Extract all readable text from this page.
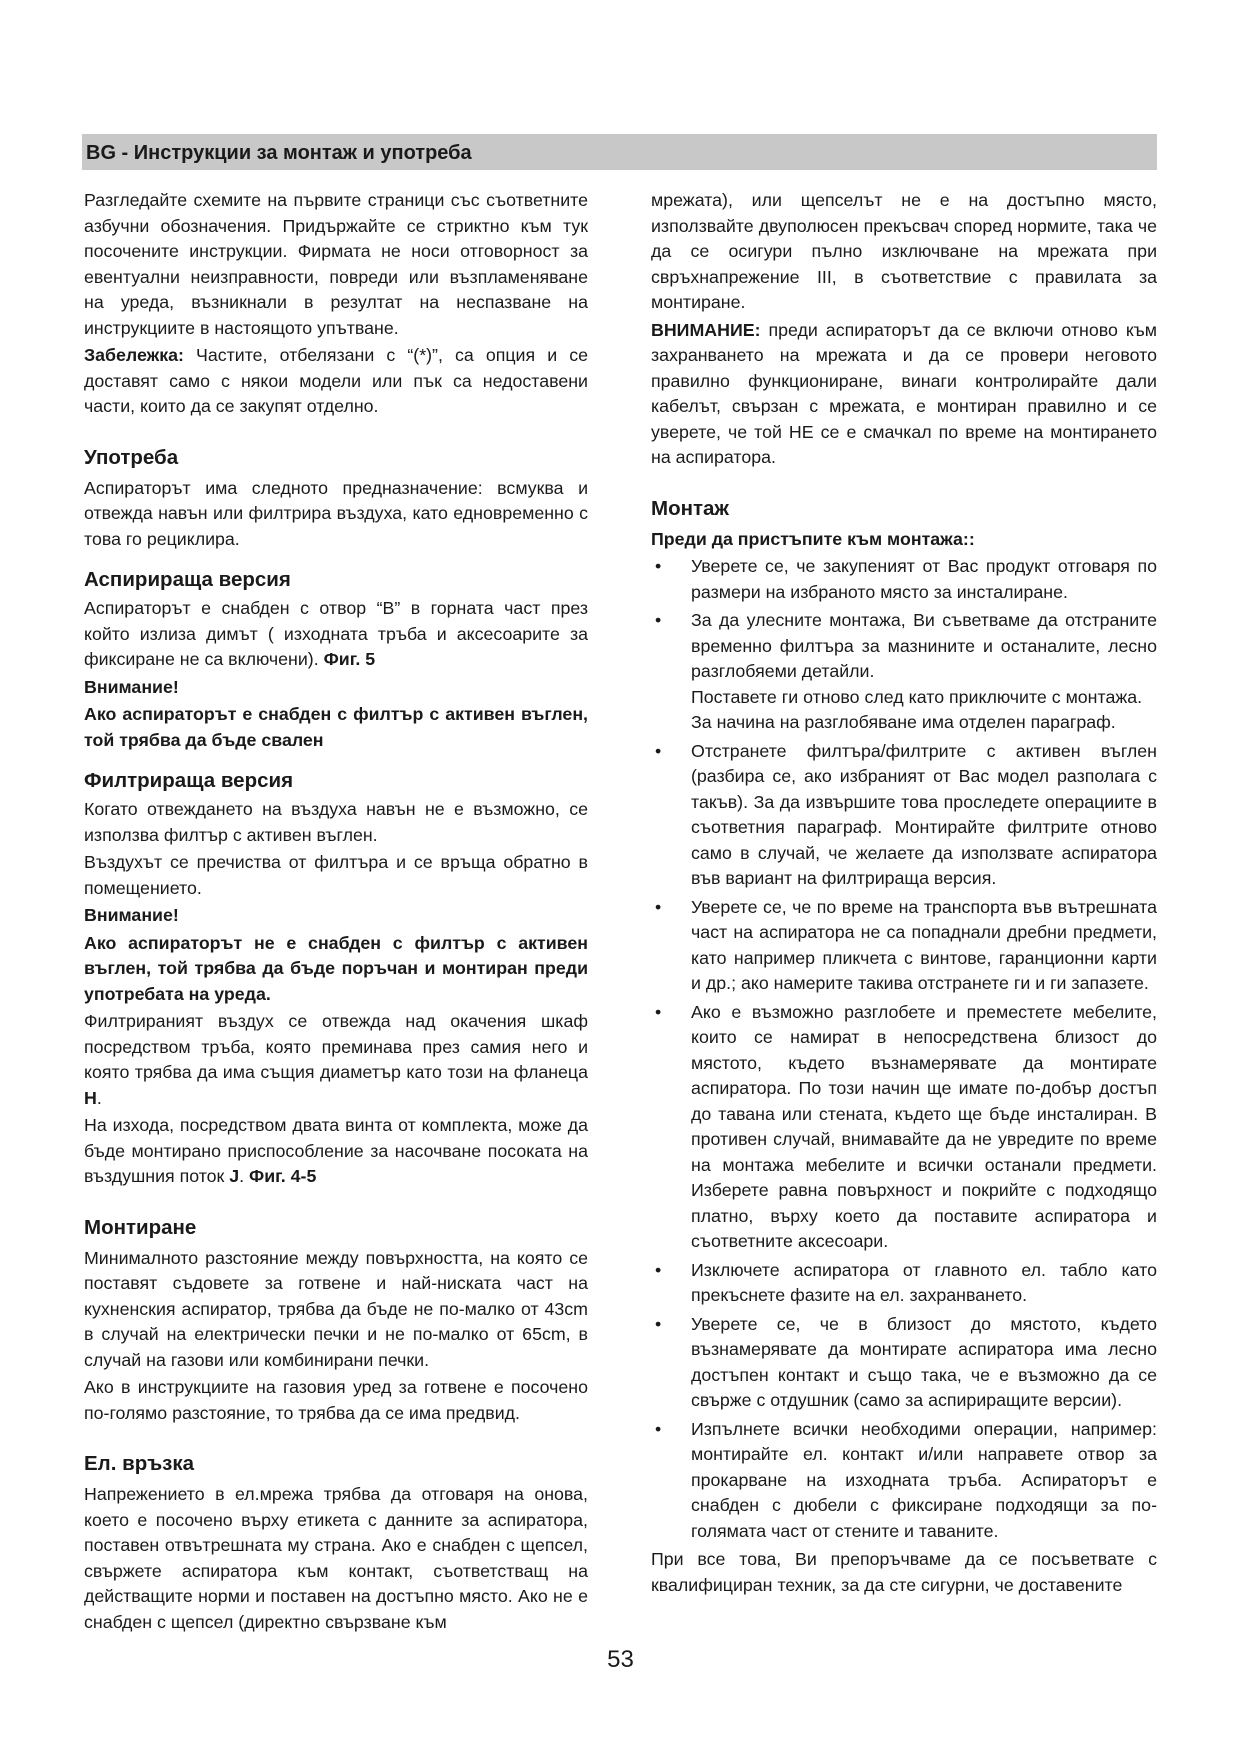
BG - Инструкции за монтаж и употреба

Разгледайте схемите на първите страници със съответните азбучни обозначения. Придържайте се стриктно към тук посочените инструкции. Фирмата не носи отговорност за евентуални неизправности, повреди или възпламеняване на уреда, възникнали в резултат на неспазване на инструкциите в настоящото упътване.

Забележка: Частите, отбелязани с “(*)”, са опция и се доставят само с някои модели или пък са недоставени части, които да се закупят отделно.

Употреба

Аспираторът има следното предназначение: всмуква и отвежда навън или филтрира въздуха, като едновременно с това го рециклира.

Аспирираща версия

Аспираторът е снабден с отвор “B” в горната част през който излиза димът ( изходната тръба и аксесоарите за фиксиране не са включени). Фиг. 5

Внимание!

Ако аспираторът е снабден с филтър с активен въглен, той трябва да бъде свален

Филтрираща версия

Когато отвеждането на въздуха навън не е възможно, се използва филтър с активен въглен.

Въздухът се пречиства от филтъра и се връща обратно в помещението.

Внимание!

Ако аспираторът не е снабден с филтър с активен въглен, той трябва да бъде поръчан и монтиран преди употребата на уреда.

Филтрираният въздух се отвежда над окачения шкаф посредством тръба, която преминава през самия него и която трябва да има същия диаметър като този на фланеца H.

На изхода, посредством двата винта от комплекта, може да бъде монтирано приспособление за насочване посоката на въздушния поток J. Фиг. 4-5

Монтиране

Минималното разстояние между повърхността, на която се поставят съдовете за готвене и най-ниската част на кухненския аспиратор, трябва да бъде не по-малко от 43cm в случай на електрически печки и не по-малко от 65cm, в случай на газови или комбинирани печки.

Ако в инструкциите на газовия уред за готвене е посочено по-голямо разстояние, то трябва да се има предвид.

Ел. връзка

Напрежението в ел.мрежа трябва да отговаря на онова, което е посочено върху етикета с данните за аспиратора, поставен отвътрешната му страна. Ако е снабден с щепсел, свържете аспиратора към контакт, съответстващ на действащите норми и поставен на достъпно място. Ако не е снабден с щепсел (директно свързване към

мрежата), или щепселът не е на достъпно място, използвайте двуполюсен прекъсвач според нормите, така че да се осигури пълно изключване на мрежата при свръхнапрежение III, в съответствие с правилата за монтиране.

ВНИМАНИЕ: преди аспираторът да се включи отново към захранването на мрежата и да се провери неговото правилно функциониране, винаги контролирайте дали кабелът, свързан с мрежата, е монтиран правилно и се уверете, че той НЕ се е смачкал по време на монтирането на аспиратора.

Монтаж

Преди да пристъпите към монтажа::

• Уверете се, че закупеният от Вас продукт отговаря по размери на избраното място за инсталиране.

• За да улесните монтажа, Ви съветваме да отстраните временно филтъра за мазнините и останалите, лесно разглобяеми детайли.

Поставете ги отново след като приключите с монтажа.

За начина на разглобяване има отделен параграф.

• Отстранете филтъра/филтрите с активен въглен (разбира се, ако избраният от Вас модел разполага с такъв). За да извършите това проследете операциите в съответния параграф. Монтирайте филтрите отново само в случай, че желаете да използвате аспиратора във вариант на филтрираща версия.

• Уверете се, че по време на транспорта във вътрешната част на аспиратора не са попаднали дребни предмети, като например пликчета с винтове, гаранционни карти и др.; ако намерите такива отстранете ги и ги запазете.

• Ако е възможно разглобете и преместете мебелите, които се намират в непосредствена близост до мястото, където възнамерявате да монтирате аспиратора. По този начин ще имате по-добър достъп до тавана или стената, където ще бъде инсталиран. В противен случай, внимавайте да не увредите по време на монтажа мебелите и всички останали предмети. Изберете равна повърхност и покрийте с подходящо платно, върху което да поставите аспиратора и съответните аксесоари.

• Изключете аспиратора от главното ел. табло като прекъснете фазите на ел. захранването.

• Уверете се, че в близост до мястото, където възнамерявате да монтирате аспиратора има лесно достъпен контакт и също така, че е възможно да се свърже с отдушник (само за аспириращите версии).

• Изпълнете всички необходими операции, например: монтирайте ел. контакт и/или направете отвор за прокарване на изходната тръба. Аспираторът е снабден с дюбели с фиксиране подходящи за по-голямата част от стените и таваните.

При все това, Ви препоръчваме да се посъветвате с квалифициран техник, за да сте сигурни, че доставените

53
